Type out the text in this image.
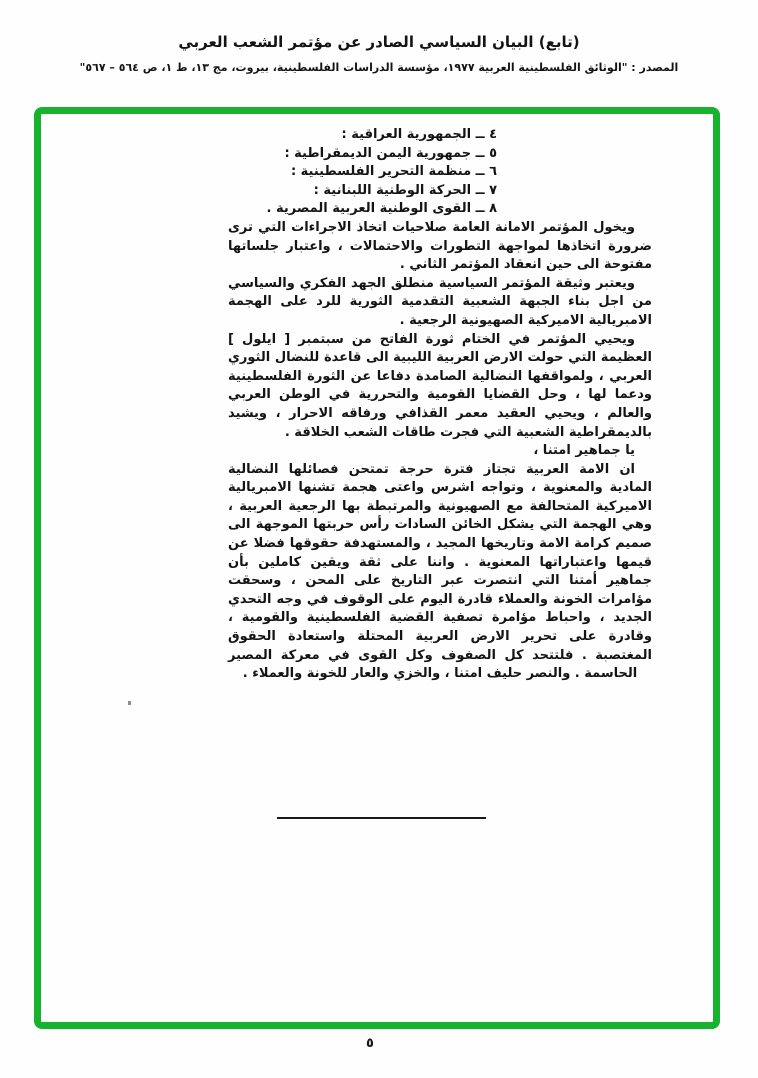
(تابع) البيان السياسي الصادر عن مؤتمر الشعب العربي
المصدر : "الوثائق الفلسطينية العربية ١٩٧٧، مؤسسة الدراسات الفلسطينية، بيروت، مج ١٣، ط ١، ص ٥٦٤ – ٥٦٧"
٤ ــ الجمهورية العراقية :
٥ ــ جمهورية اليمن الديمقراطية :
٦ ــ منظمة التحرير الفلسطينية :
٧ ــ الحركة الوطنية اللبنانية :
٨ ــ القوى الوطنية العربية المصرية .

ويخول المؤتمر الامانة العامة صلاحيات اتخاذ الاجراءات التي ترى ضرورة اتخاذها لمواجهة التطورات والاحتمالات ، واعتبار جلساتها مفتوحة الى حين انعقاد المؤتمر الثاني .

ويعتبر وثيقة المؤتمر السياسية منطلق الجهد الفكري والسياسي من اجل بناء الجبهة الشعبية التقدمية الثورية للرد على الهجمة الامبريالية الاميركية الصهيونية الرجعية .

ويحيي المؤتمر في الختام ثورة الفاتح من سبتمبر [ ايلول ] العظيمة التي حولت الارض العربية الليبية الى قاعدة للنضال الثوري العربي ، ولمواقفها النضالية الصامدة دفاعا عن الثورة الفلسطينية ودعما لها ، وحل القضايا القومية والتحررية في الوطن العربي والعالم ، ويحيي العقيد معمر القذافي ورفاقه الاحرار ، ويشيد بالديمقراطية الشعبية التي فجرت طاقات الشعب الخلاقة .

يا جماهير امتنا ،

ان الامة العربية تجتاز فترة حرجة تمتحن فصائلها النضالية المادية والمعنوية ، وتواجه اشرس واعتى هجمة تشنها الامبريالية الاميركية المتحالفة مع الصهيونية والمرتبطة بها الرجعية العربية ، وهي الهجمة التي يشكل الخائن السادات رأس حربتها الموجهة الى صميم كرامة الامة وتاريخها المجيد ، والمستهدفة حقوقها فضلا عن قيمها واعتباراتها المعنوية . واننا على ثقة ويقين كاملين بأن جماهير أمتنا التي انتصرت عبر التاريخ على المحن ، وسحقت مؤامرات الخونة والعملاء قادرة اليوم على الوقوف في وجه التحدي الجديد ، واحباط مؤامرة تصفية القضية الفلسطينية والقومية ، وقادرة على تحرير الارض العربية المحتلة واستعادة الحقوق المغتصبة . فلتتحد كل الصفوف وكل القوى في معركة المصير الحاسمة . والنصر حليف امتنا ، والخزي والعار للخونة والعملاء .

٥
